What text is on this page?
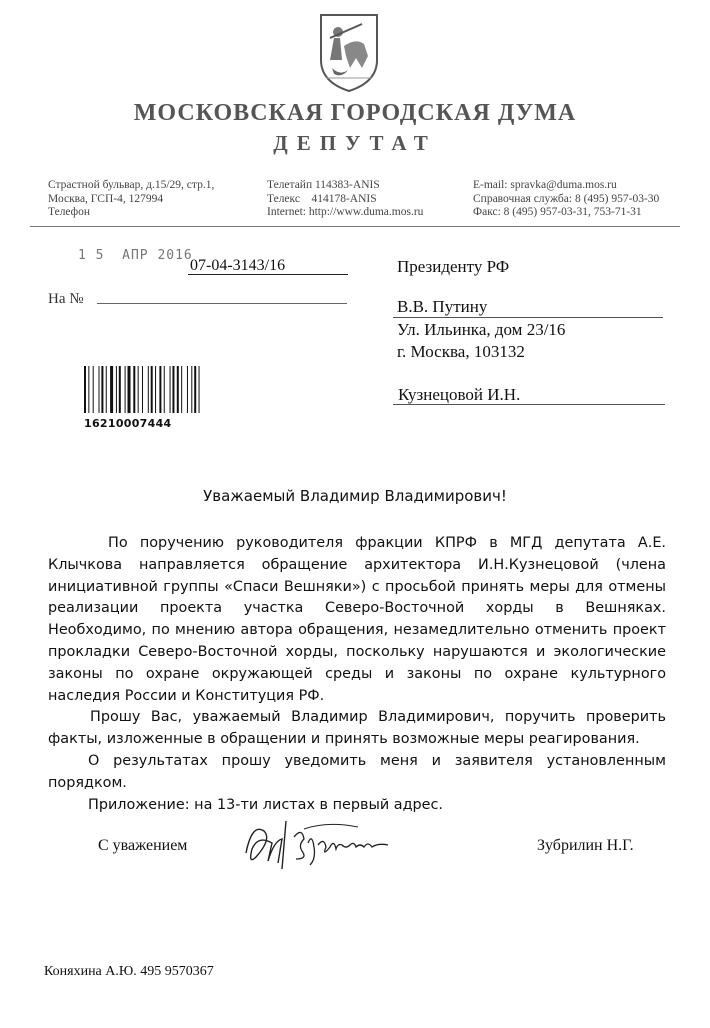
МОСКОВСКАЯ ГОРОДСКАЯ ДУМА
ДЕПУТАТ
Страстной бульвар, д.15/29, стр.1,
Москва, ГСП-4, 127994
Телефон
Телетайп 114383-ANIS
Телекс    414178-ANIS
Internet: http://www.duma.mos.ru
E-mail: spravka@duma.mos.ru
Справочная служба: 8 (495) 957-03-30
Факс: 8 (495) 957-03-31, 753-71-31
1 5  АПР 2016
07-04-3143/16
На №
Президенту РФ
В.В. Путину
Ул. Ильинка, дом 23/16
г. Москва, 103132
Кузнецовой И.Н.
16210007444
Уважаемый Владимир Владимирович!

По поручению руководителя фракции КПРФ в МГД депутата А.Е. Клычкова направляется обращение архитектора И.Н.Кузнецовой (члена инициативной группы «Спаси Вешняки») с просьбой принять меры для отмены реализации проекта участка Северо-Восточной хорды в Вешняках. Необходимо, по мнению автора обращения, незамедлительно отменить проект прокладки Северо-Восточной хорды, поскольку нарушаются и экологические законы по охране окружающей среды и законы по охране культурного наследия России и Конституция РФ.

Прошу Вас, уважаемый Владимир Владимирович, поручить проверить факты, изложенные в обращении и принять возможные меры реагирования.

О результатах прошу уведомить меня и заявителя установленным порядком.

Приложение: на 13-ти листах в первый адрес.

С уважением	Зубрилин Н.Г.
Коняхина А.Ю. 495 9570367
